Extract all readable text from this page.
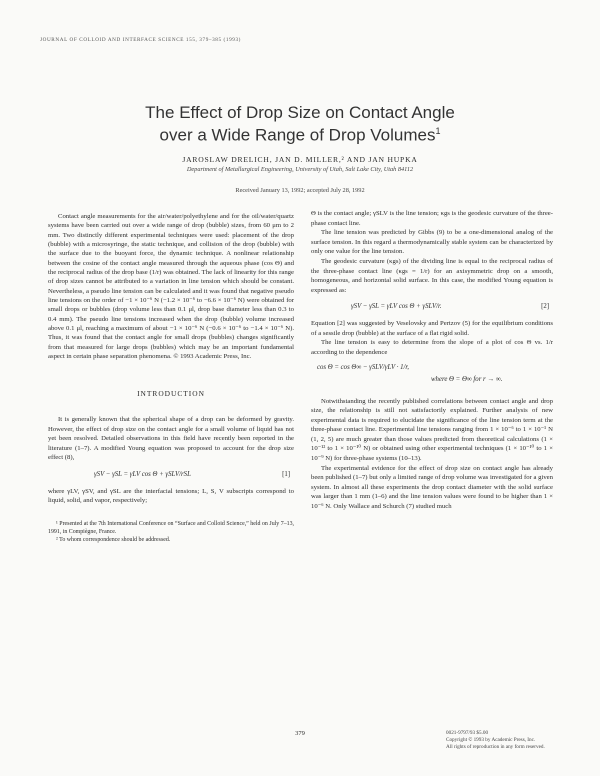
JOURNAL OF COLLOID AND INTERFACE SCIENCE 155, 379–385 (1993)
The Effect of Drop Size on Contact Angle
over a Wide Range of Drop Volumes$^1$
JAROSLAW DRELICH, JAN D. MILLER,² AND JAN HUPKA
Department of Metallurgical Engineering, University of Utah, Salt Lake City, Utah 84112
Received January 13, 1992; accepted July 28, 1992

Contact angle measurements for the air/water/polyethylene and for the oil/water/quartz systems have been carried out over a wide range of drop (bubble) sizes, from 60 μm to 2 mm. Two distinctly different experimental techniques were used: placement of the drop (bubble) with a microsyringe, the static technique, and collision of the drop (bubble) with the surface due to the buoyant force, the dynamic technique. A nonlinear relationship between the cosine of the contact angle measured through the aqueous phase (cos Θ) and the reciprocal radius of the drop base (1/r) was obtained. The lack of linearity for this range of drop sizes cannot be attributed to a variation in line tension which should be constant. Nevertheless, a pseudo line tension can be calculated and it was found that negative pseudo line tensions on the order of −1 × 10⁻⁶ N (−1.2 × 10⁻⁶ to −6.6 × 10⁻⁶ N) were obtained for small drops or bubbles (drop volume less than 0.1 μl, drop base diameter less than 0.3 to 0.4 mm). The pseudo line tensions increased when the drop (bubble) volume increased above 0.1 μl, reaching a maximum of about −1 × 10⁻⁶ N (−0.6 × 10⁻⁶ to −1.4 × 10⁻⁶ N). Thus, it was found that the contact angle for small drops (bubbles) changes significantly from that measured for large drops (bubbles) which may be an important fundamental aspect in certain phase separation phenomena. © 1993 Academic Press, Inc.

INTRODUCTION

It is generally known that the spherical shape of a drop can be deformed by gravity. However, the effect of drop size on the contact angle for a small volume of liquid has not yet been resolved. Detailed observations in this field have recently been reported in the literature (1–7). A modified Young equation was proposed to account for the drop size effect (8),

γSV − γSL = γLV cos Θ + γSLV/rSL	[1]

where γLV, γSV, and γSL are the interfacial tensions; L, S, V subscripts correspond to liquid, solid, and vapor, respectively;

¹ Presented at the 7th International Conference on “Surface and Colloid Science,” held on July 7–13, 1991, in Compiègne, France.
² To whom correspondence should be addressed.

Θ is the contact angle; γSLV is the line tension; κgs is the geodesic curvature of the three-phase contact line.

The line tension was predicted by Gibbs (9) to be a one-dimensional analog of the surface tension. In this regard a thermodynamically stable system can be characterized by only one value for the line tension.

The geodesic curvature (κgs) of the dividing line is equal to the reciprocal radius of the three-phase contact line (κgs = 1/r) for an axisymmetric drop on a smooth, homogeneous, and horizontal solid surface. In this case, the modified Young equation is expressed as:

γSV − γSL = γLV cos Θ + γSLV/r.	[2]

Equation [2] was suggested by Veselovsky and Pertzov (5) for the equilibrium conditions of a sessile drop (bubble) at the surface of a flat rigid solid.

The line tension is easy to determine from the slope of a plot of cos Θ vs. 1/r according to the dependence

cos Θ = cos Θ∞ − γSLV/γLV · 1/r,
where Θ = Θ∞ for r → ∞.

Notwithstanding the recently published correlations between contact angle and drop size, the relationship is still not satisfactorily explained. Further analysis of new experimental data is required to elucidate the significance of the line tension term at the three-phase contact line. Experimental line tensions ranging from 1 × 10⁻⁶ to 1 × 10⁻¹ N (1, 2, 5) are much greater than those values predicted from theoretical calculations (1 × 10⁻¹² to 1 × 10⁻¹⁰ N) or obtained using other experimental techniques (1 × 10⁻¹⁰ to 1 × 10⁻⁹ N) for three-phase systems (10–13).

The experimental evidence for the effect of drop size on contact angle has already been published (1–7) but only a limited range of drop volume was investigated for a given system. In almost all these experiments the drop contact diameter with the solid surface was larger than 1 mm (1–6) and the line tension values were found to be higher than 1 × 10⁻⁶ N. Only Wallace and Schurch (7) studied much

379	0021-9797/93 $5.00
Copyright © 1993 by Academic Press, Inc.
All rights of reproduction in any form reserved.
